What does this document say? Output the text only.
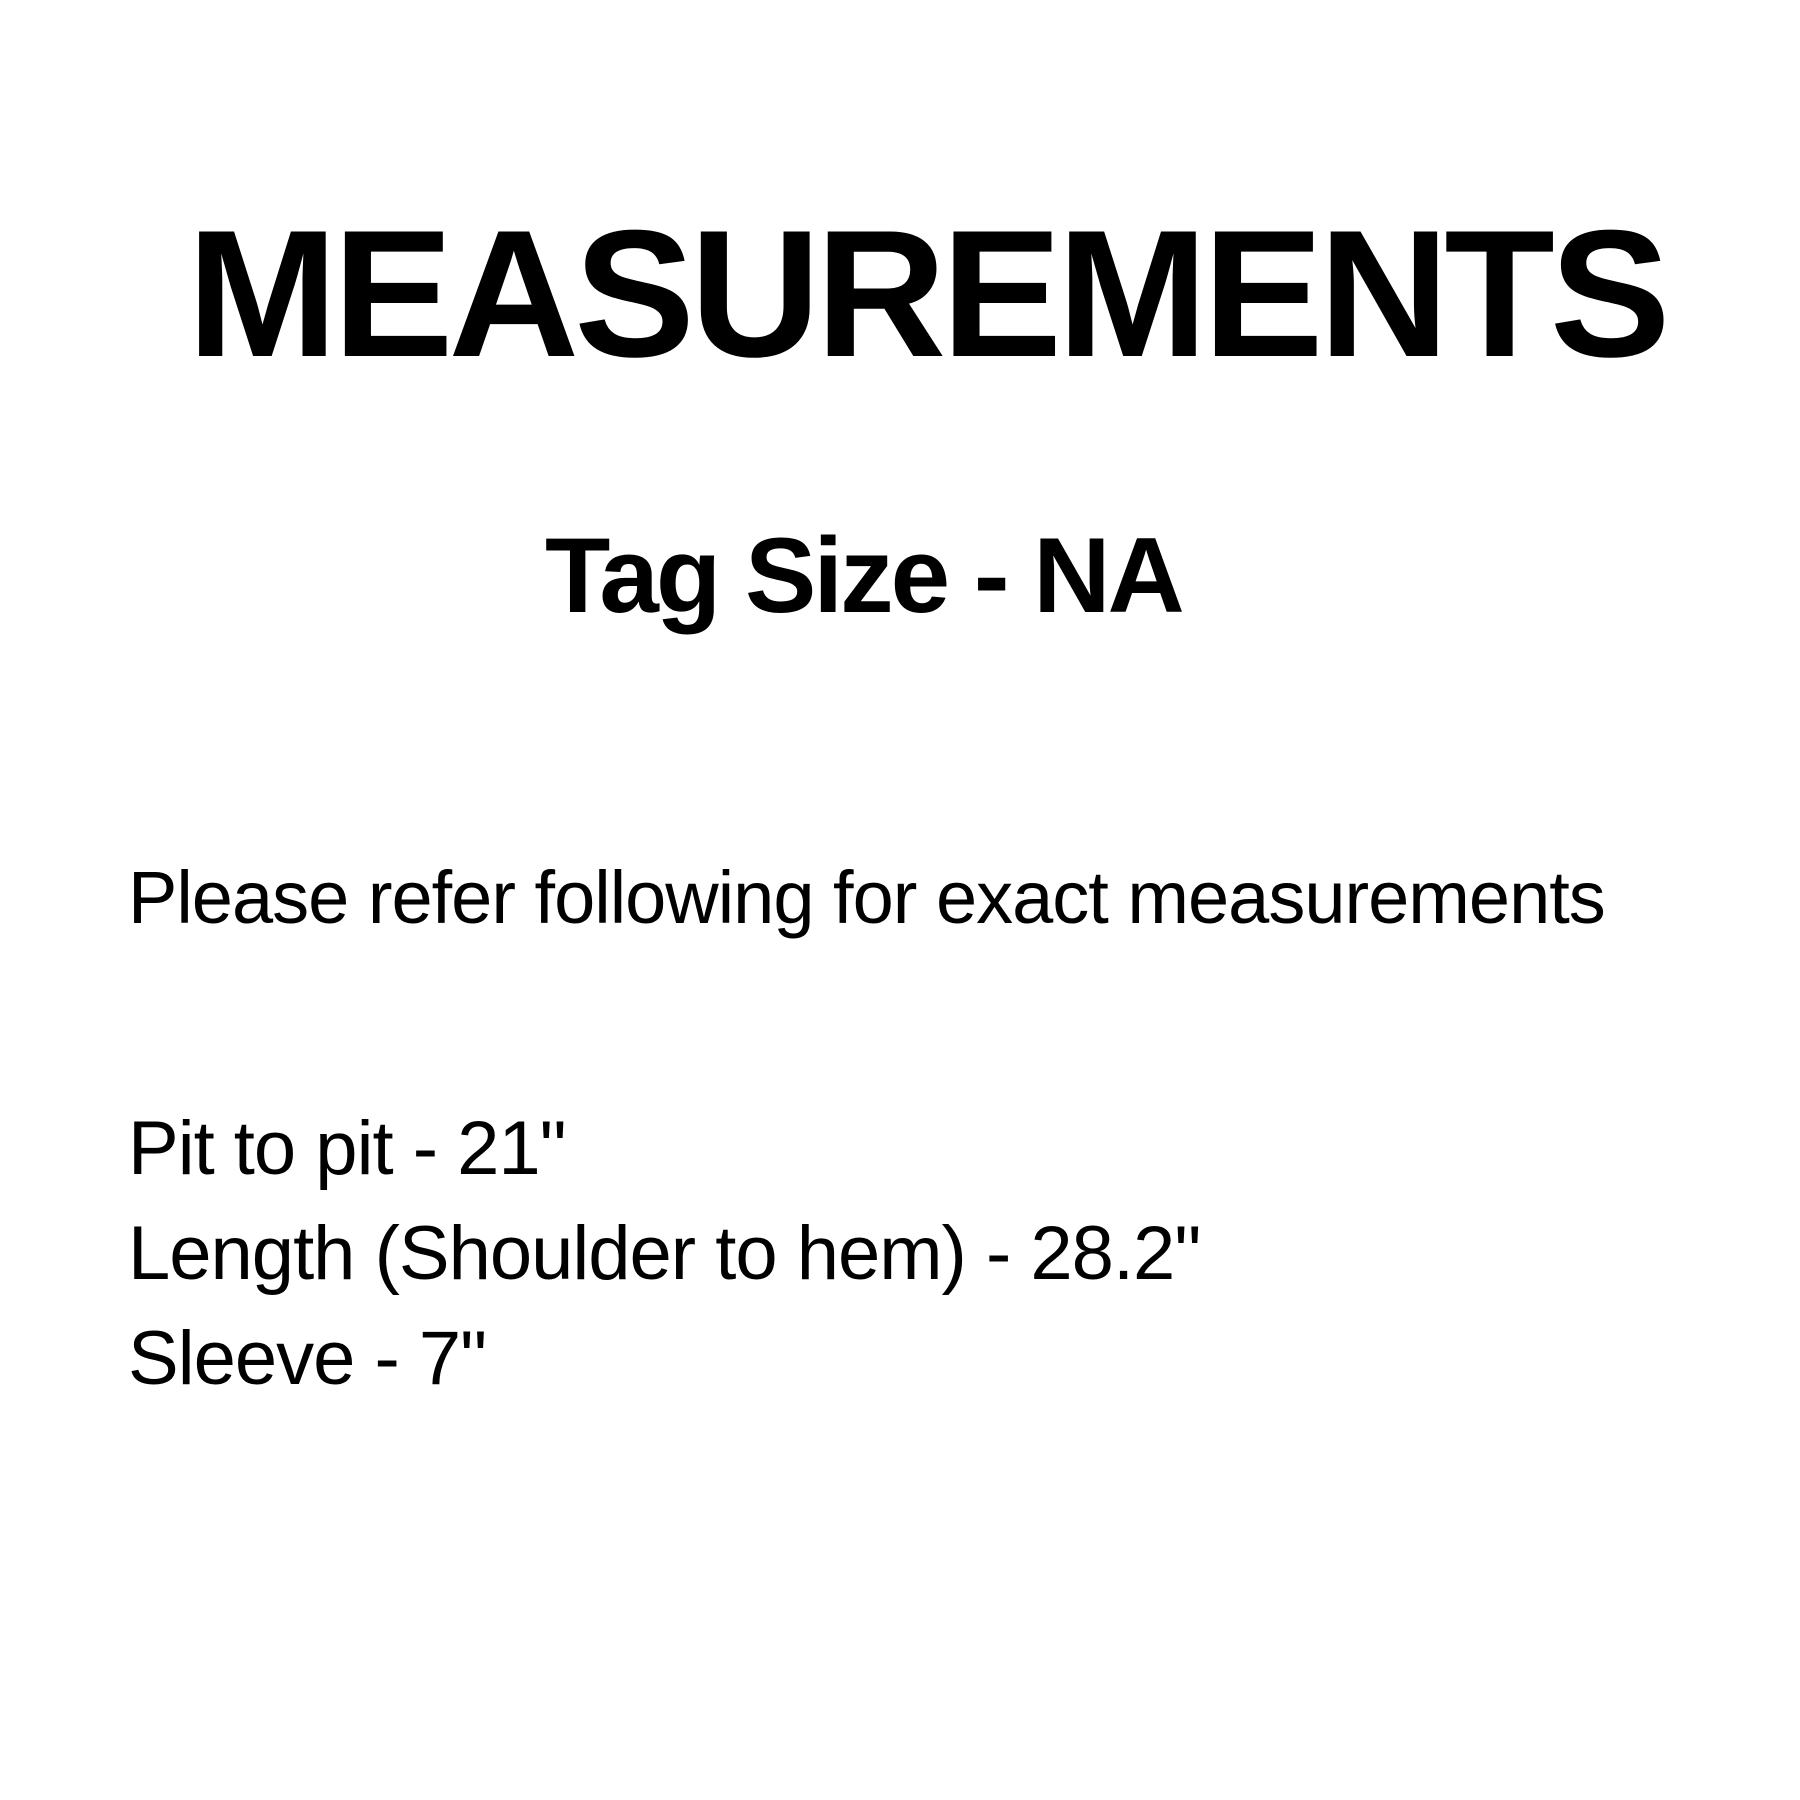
MEASUREMENTS
Tag Size - NA
Please refer following for exact measurements
Pit to pit - 21"
Length (Shoulder to hem) - 28.2"
Sleeve - 7"
